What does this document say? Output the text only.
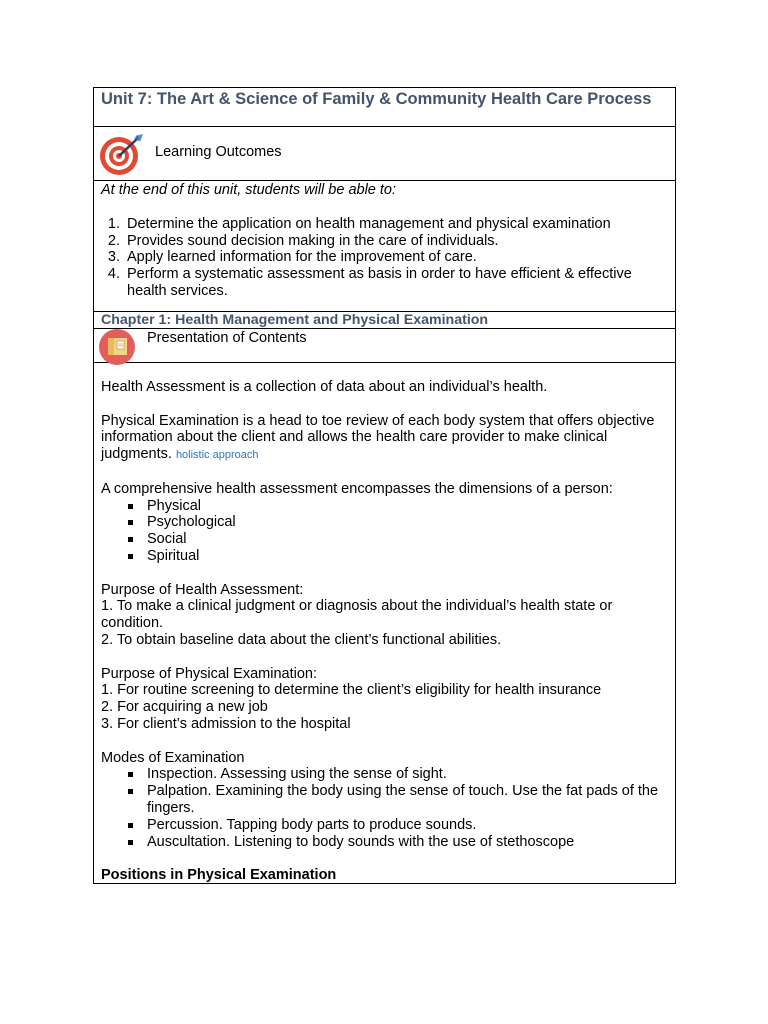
Unit 7: The Art & Science of Family & Community Health Care Process
Learning Outcomes

At the end of this unit, students will be able to:

1. Determine the application on health management and physical examination
2. Provides sound decision making in the care of individuals.
3. Apply learned information for the improvement of care.
4. Perform a systematic assessment as basis in order to have efficient & effective health services.
Chapter 1: Health Management and Physical Examination
Presentation of Contents

Health Assessment is a collection of data about an individual’s health.

Physical Examination is a head to toe review of each body system that offers objective information about the client and allows the health care provider to make clinical judgments. holistic approach

A comprehensive health assessment encompasses the dimensions of a person:
Physical
Psychological
Social
Spiritual
Purpose of Health Assessment:
1. To make a clinical judgment or diagnosis about the individual’s health state or condition.
2. To obtain baseline data about the client’s functional abilities.
Purpose of Physical Examination:
1. For routine screening to determine the client’s eligibility for health insurance
2. For acquiring a new job
3. For client’s admission to the hospital
Modes of Examination
Inspection. Assessing using the sense of sight.
Palpation. Examining the body using the sense of touch. Use the fat pads of the fingers.
Percussion. Tapping body parts to produce sounds.
Auscultation. Listening to body sounds with the use of stethoscope
Positions in Physical Examination
